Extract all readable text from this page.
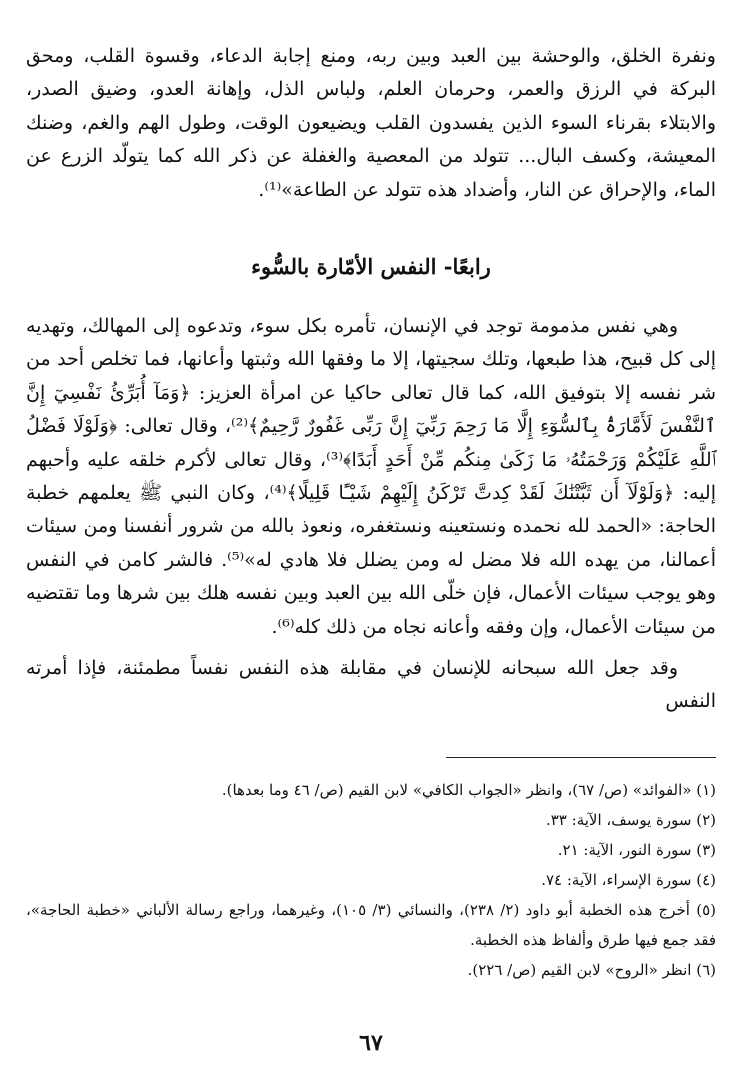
ونفرة الخلق، والوحشة بين العبد وبين ربه، ومنع إجابة الدعاء، وقسوة القلب، ومحق البركة في الرزق والعمر، وحرمان العلم، ولباس الذل، وإهانة العدو، وضيق الصدر، والابتلاء بقرناء السوء الذين يفسدون القلب ويضيعون الوقت، وطول الهم والغم، وضنك المعيشة، وكسف البال... تتولد من المعصية والغفلة عن ذكر الله كما يتولّد الزرع عن الماء، والإحراق عن النار، وأضداد هذه تتولد عن الطاعة»⁽¹⁾.

رابعًا- النفس الأمّارة بالسُّوء

وهي نفس مذمومة توجد في الإنسان، تأمره بكل سوء، وتدعوه إلى المهالك، وتهديه إلى كل قبيح، هذا طبعها، وتلك سجيتها، إلا ما وفقها الله وثبتها وأعانها، فما تخلص أحد من شر نفسه إلا بتوفيق الله، كما قال تعالى حاكيا عن امرأة العزيز: ﴿وَمَآ أُبَرِّئُ نَفْسِيٓ إِنَّ ٱلنَّفْسَ لَأَمَّارَةُۢ بِٱلسُّوٓءِ إِلَّا مَا رَحِمَ رَبِّيٓ إِنَّ رَبِّى غَفُورٌ رَّحِيمٌ﴾⁽²⁾، وقال تعالى: ﴿وَلَوْلَا فَضْلُ ٱللَّهِ عَلَيْكُمْ وَرَحْمَتُهُۥ مَا زَكَىٰ مِنكُم مِّنْ أَحَدٍ أَبَدًا﴾⁽³⁾، وقال تعالى لأكرم خلقه عليه وأحبهم إليه: ﴿وَلَوْلَآ أَن ثَبَّتْنَٰكَ لَقَدْ كِدتَّ تَرْكَنُ إِلَيْهِمْ شَيْـًٔا قَلِيلًا﴾⁽⁴⁾، وكان النبي ﷺ يعلمهم خطبة الحاجة: «الحمد لله نحمده ونستعينه ونستغفره، ونعوذ بالله من شرور أنفسنا ومن سيئات أعمالنا، من يهده الله فلا مضل له ومن يضلل فلا هادي له»⁽⁵⁾. فالشر كامن في النفس وهو يوجب سيئات الأعمال، فإن خلّى الله بين العبد وبين نفسه هلك بين شرها وما تقتضيه من سيئات الأعمال، وإن وفقه وأعانه نجاه من ذلك كله⁽⁶⁾.

وقد جعل الله سبحانه للإنسان في مقابلة هذه النفس نفساً مطمئنة، فإذا أمرته النفس

(١) «الفوائد» (ص/ ٦٧)، وانظر «الجواب الكافي» لابن القيم (ص/ ٤٦ وما بعدها).

(٢) سورة يوسف، الآية: ٣٣.

(٣) سورة النور، الآية: ٢١.

(٤) سورة الإسراء، الآية: ٧٤.

(٥) أخرج هذه الخطبة أبو داود (٢/ ٢٣٨)، والنسائي (٣/ ١٠٥)، وغيرهما، وراجع رسالة الألباني «خطبة الحاجة»، فقد جمع فيها طرق وألفاظ هذه الخطبة.

(٦) انظر «الروح» لابن القيم (ص/ ٢٢٦).

٦٧
